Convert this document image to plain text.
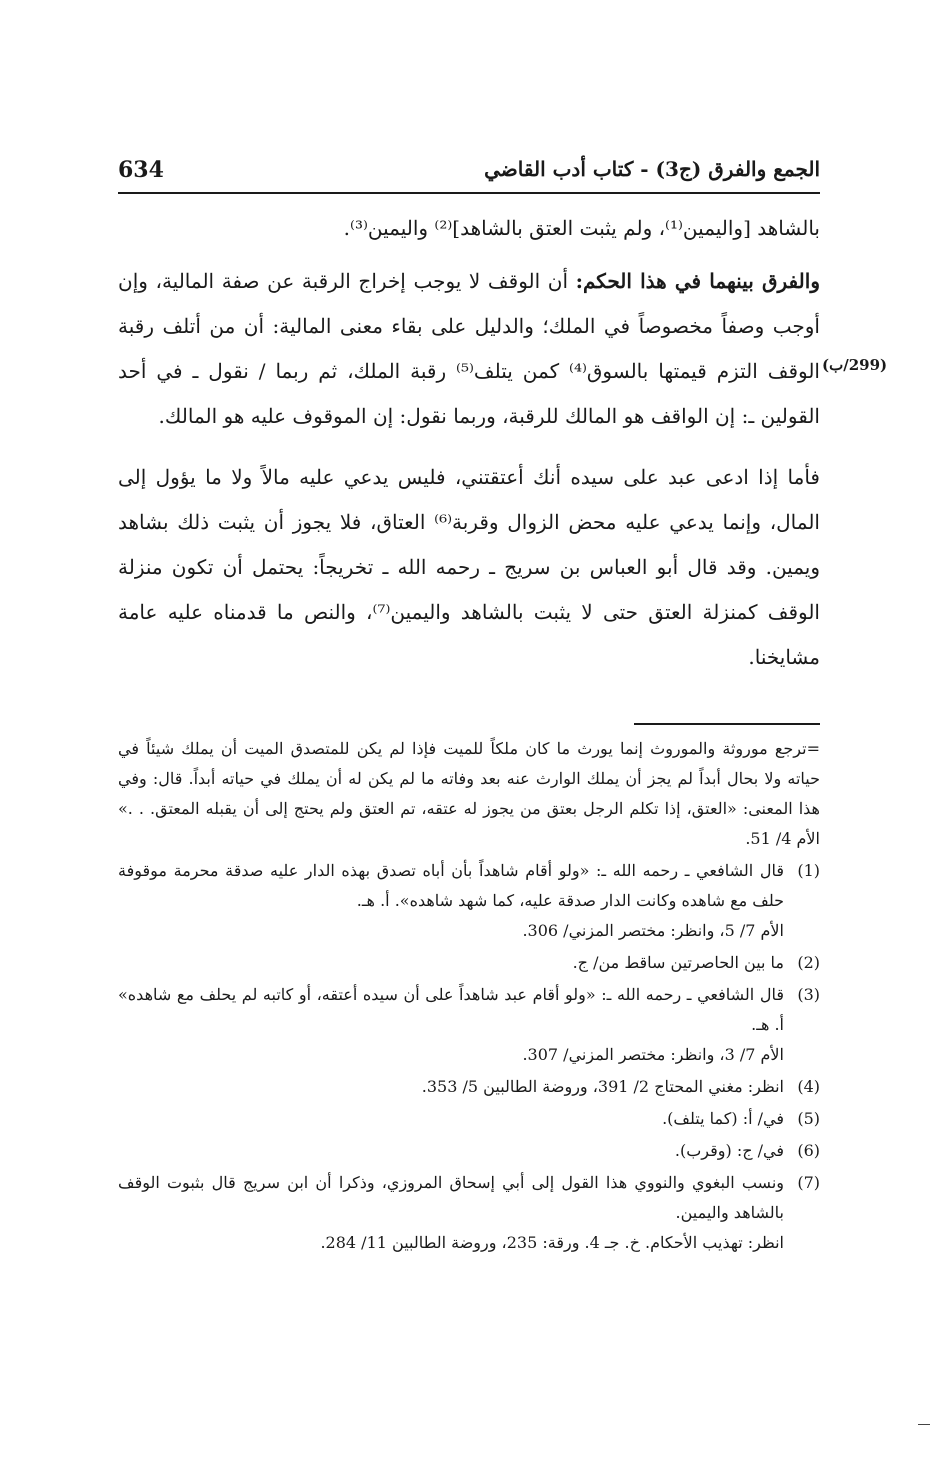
634	الجمع والفرق (ج3) - كتاب أدب القاضي
(299/ب)

بالشاهد [واليمين⁽¹⁾، ولم يثبت العتق بالشاهد]⁽²⁾ واليمين⁽³⁾.

والفرق بينهما في هذا الحكم: أن الوقف لا يوجب إخراج الرقبة عن صفة المالية، وإن أوجب وصفاً مخصوصاً في الملك؛ والدليل على بقاء معنى المالية: أن من أتلف رقبة الوقف التزم قيمتها بالسوق⁽⁴⁾ كمن يتلف⁽⁵⁾ رقبة الملك، ثم ربما / نقول ـ في أحد القولين ـ: إن الواقف هو المالك للرقبة، وربما نقول: إن الموقوف عليه هو المالك.

فأما إذا ادعى عبد على سيده أنك أعتقتني، فليس يدعي عليه مالاً ولا ما يؤول إلى المال، وإنما يدعي عليه محض الزوال وقربة⁽⁶⁾ العتاق، فلا يجوز أن يثبت ذلك بشاهد ويمين. وقد قال أبو العباس بن سريج ـ رحمه الله ـ تخريجاً: يحتمل أن تكون منزلة الوقف كمنزلة العتق حتى لا يثبت بالشاهد واليمين⁽⁷⁾، والنص ما قدمناه عليه عامة مشايخنا.

=ترجع موروثة والموروث إنما يورث ما كان ملكاً للميت فإذا لم يكن للمتصدق الميت أن يملك شيئاً في حياته ولا بحال أبداً لم يجز أن يملك الوارث عنه بعد وفاته ما لم يكن له أن يملك في حياته أبداً. قال: وفي هذا المعنى: «العتق، إذا تكلم الرجل بعتق من يجوز له عتقه، تم العتق ولم يحتج إلى أن يقبله المعتق. . .» الأم 4/ 51.

(1)
قال الشافعي ـ رحمه الله ـ: «ولو أقام شاهداً بأن أباه تصدق بهذه الدار عليه صدقة محرمة موقوفة حلف مع شاهده وكانت الدار صدقة عليه، كما شهد شاهده». أ. هـ.
الأم 7/ 5، وانظر: مختصر المزني/ 306.
(2)
ما بين الحاصرتين ساقط من/ ج.
(3)
قال الشافعي ـ رحمه الله ـ: «ولو أقام عبد شاهداً على أن سيده أعتقه، أو كاتبه لم يحلف مع شاهده» أ. هـ.
الأم 7/ 3، وانظر: مختصر المزني/ 307.
(4)
انظر: مغني المحتاج 2/ 391، وروضة الطالبين 5/ 353.
(5)
في/ أ: (كما يتلف).
(6)
في/ ج: (وقرب).
(7)
ونسب البغوي والنووي هذا القول إلى أبي إسحاق المروزي، وذكرا أن ابن سريج قال بثبوت الوقف بالشاهد واليمين.
انظر: تهذيب الأحكام. خ. جـ 4. ورقة: 235، وروضة الطالبين 11/ 284.
